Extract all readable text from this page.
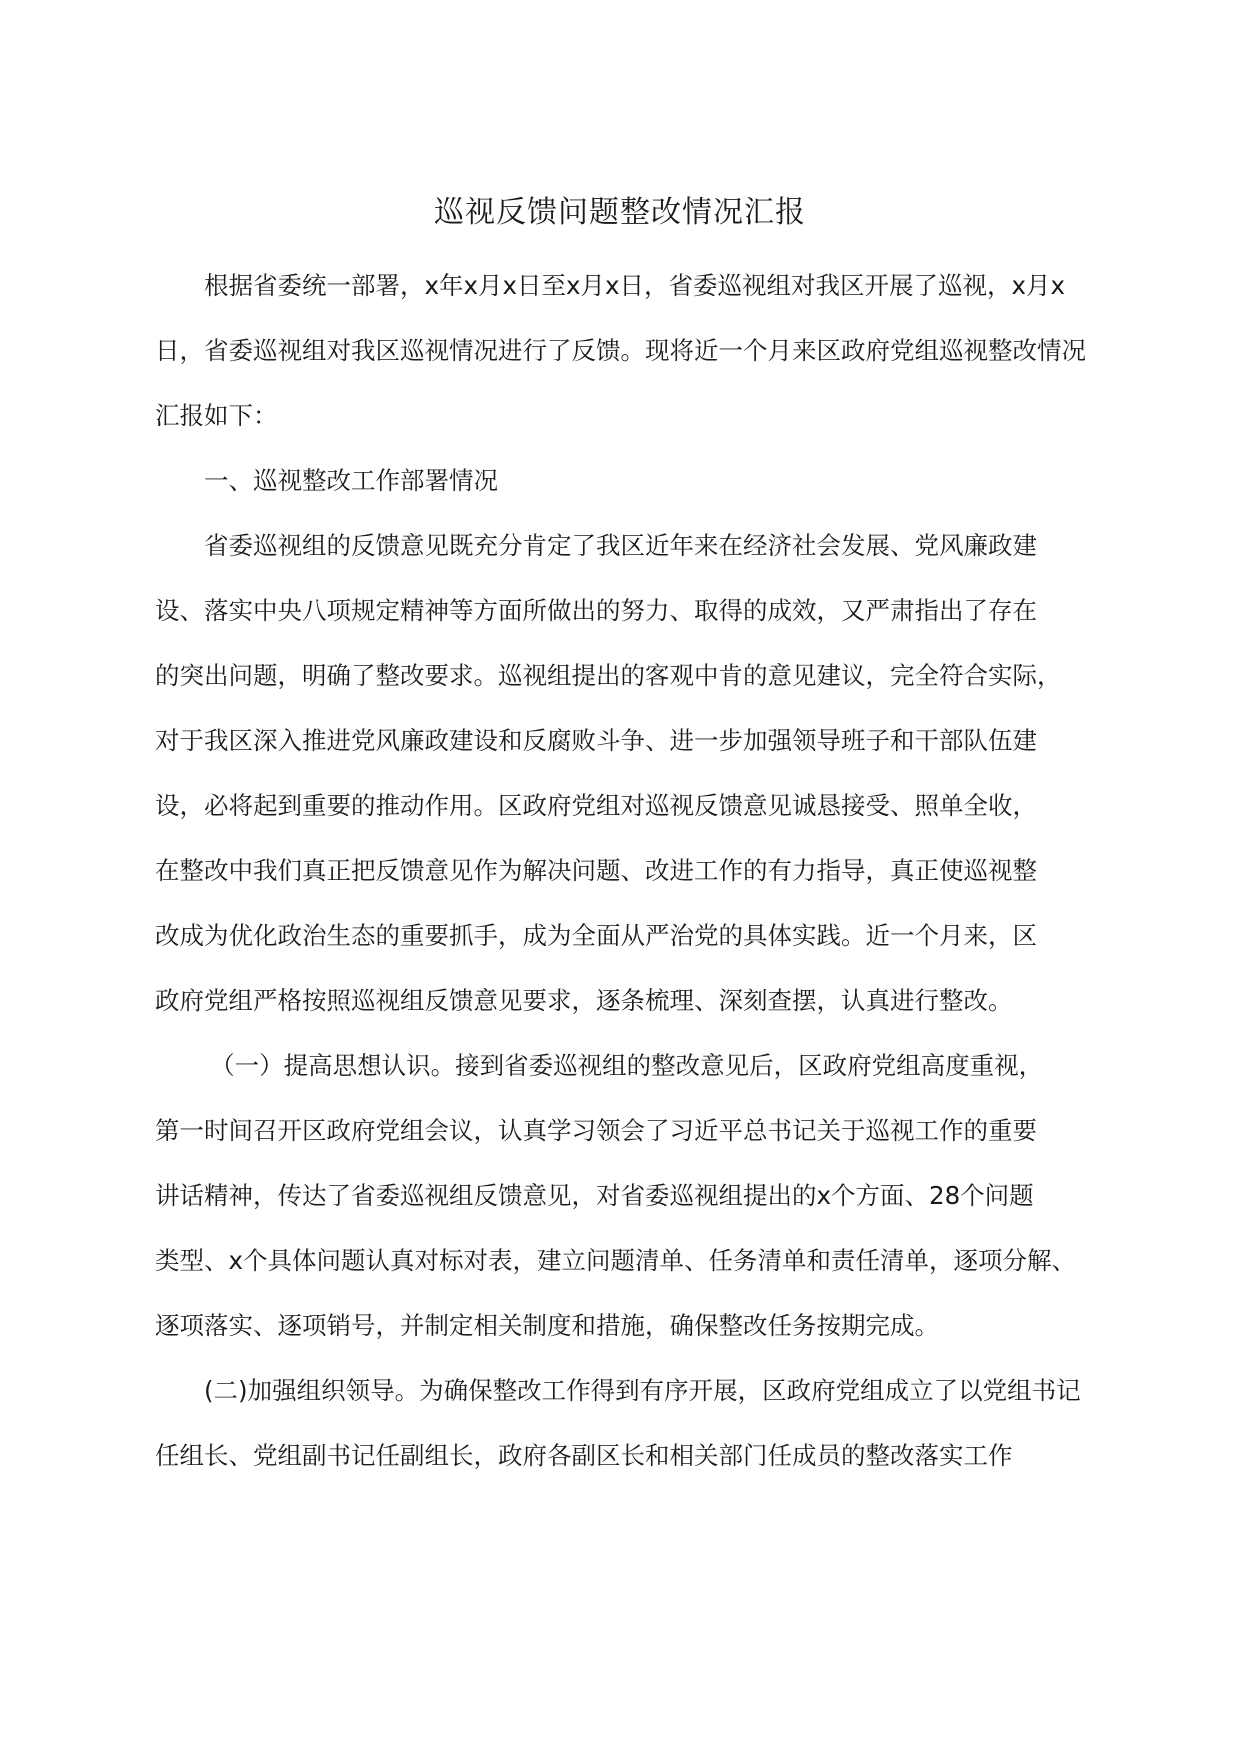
巡视反馈问题整改情况汇报

根据省委统一部署，x年x月x日至x月x日，省委巡视组对我区开展了巡视，x月x日，省委巡视组对我区巡视情况进行了反馈。现将近一个月来区政府党组巡视整改情况汇报如下：

一、巡视整改工作部署情况

省委巡视组的反馈意见既充分肯定了我区近年来在经济社会发展、党风廉政建
设、落实中央八项规定精神等方面所做出的努力、取得的成效，又严肃指出了存在
的突出问题，明确了整改要求。巡视组提出的客观中肯的意见建议，完全符合实际，
对于我区深入推进党风廉政建设和反腐败斗争、进一步加强领导班子和干部队伍建
设，必将起到重要的推动作用。区政府党组对巡视反馈意见诚恳接受、照单全收，
在整改中我们真正把反馈意见作为解决问题、改进工作的有力指导，真正使巡视整
改成为优化政治生态的重要抓手，成为全面从严治党的具体实践。近一个月来，区
政府党组严格按照巡视组反馈意见要求，逐条梳理、深刻查摆，认真进行整改。

（一）提高思想认识。接到省委巡视组的整改意见后，区政府党组高度重视，
第一时间召开区政府党组会议，认真学习领会了习近平总书记关于巡视工作的重要
讲话精神，传达了省委巡视组反馈意见，对省委巡视组提出的x个方面、28个问题
类型、x个具体问题认真对标对表，建立问题清单、任务清单和责任清单，逐项分解、
逐项落实、逐项销号，并制定相关制度和措施，确保整改任务按期完成。

(二)加强组织领导。为确保整改工作得到有序开展，区政府党组成立了以党组书记任组长、党组副书记任副组长，政府各副区长和相关部门任成员的整改落实工作
